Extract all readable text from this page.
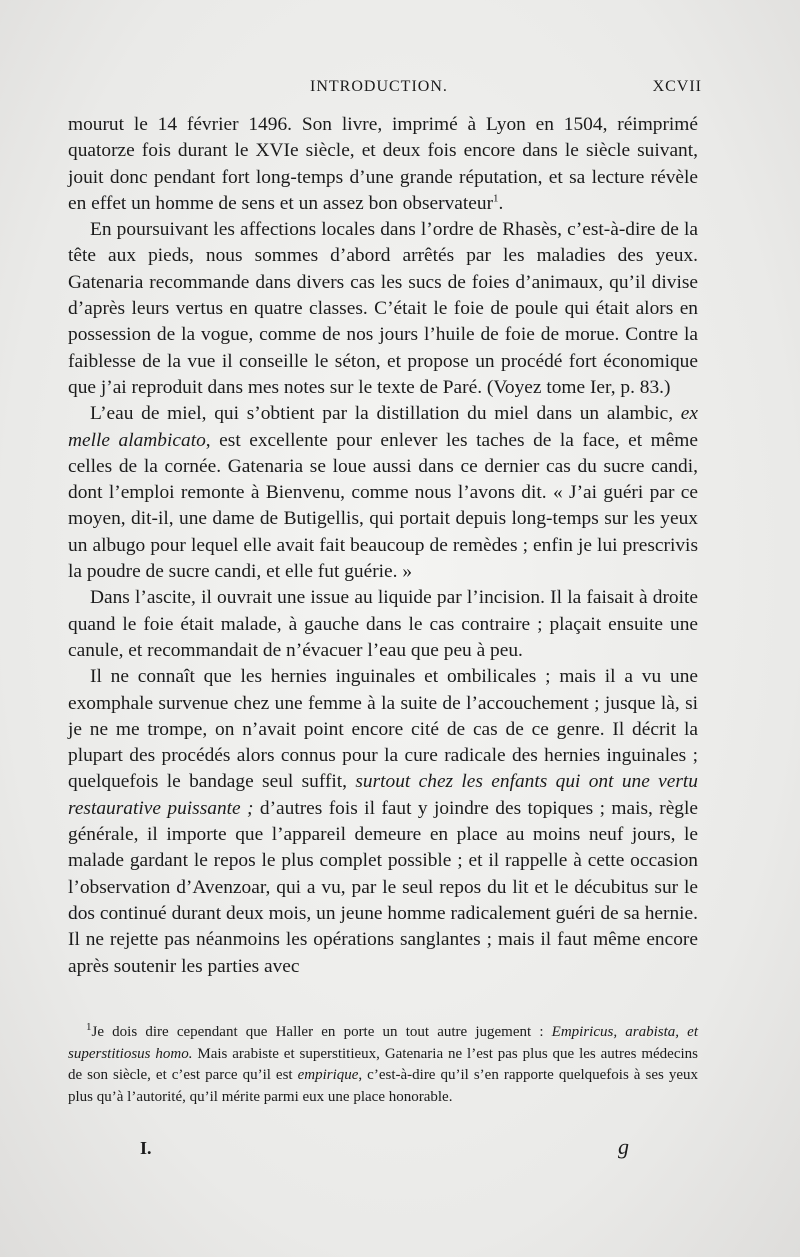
INTRODUCTION.	XCVII

mourut le 14 février 1496. Son livre, imprimé à Lyon en 1504, réimprimé quatorze fois durant le XVIe siècle, et deux fois encore dans le siècle suivant, jouit donc pendant fort long-temps d’une grande réputation, et sa lecture révèle en effet un homme de sens et un assez bon observateur$^1$.

En poursuivant les affections locales dans l’ordre de Rhasès, c’est-à-dire de la tête aux pieds, nous sommes d’abord arrêtés par les maladies des yeux. Gatenaria recommande dans divers cas les sucs de foies d’animaux, qu’il divise d’après leurs vertus en quatre classes. C’était le foie de poule qui était alors en possession de la vogue, comme de nos jours l’huile de foie de morue. Contre la faiblesse de la vue il conseille le séton, et propose un procédé fort économique que j’ai reproduit dans mes notes sur le texte de Paré. (Voyez tome Ier, p. 83.)

L’eau de miel, qui s’obtient par la distillation du miel dans un alambic, ex melle alambicato, est excellente pour enlever les taches de la face, et même celles de la cornée. Gatenaria se loue aussi dans ce dernier cas du sucre candi, dont l’emploi remonte à Bienvenu, comme nous l’avons dit. « J’ai guéri par ce moyen, dit-il, une dame de Butigellis, qui portait depuis long-temps sur les yeux un albugo pour lequel elle avait fait beaucoup de remèdes ; enfin je lui prescrivis la poudre de sucre candi, et elle fut guérie. »

Dans l’ascite, il ouvrait une issue au liquide par l’incision. Il la faisait à droite quand le foie était malade, à gauche dans le cas contraire ; plaçait ensuite une canule, et recommandait de n’évacuer l’eau que peu à peu.

Il ne connaît que les hernies inguinales et ombilicales ; mais il a vu une exomphale survenue chez une femme à la suite de l’accouchement ; jusque là, si je ne me trompe, on n’avait point encore cité de cas de ce genre. Il décrit la plupart des procédés alors connus pour la cure radicale des hernies inguinales ; quelquefois le bandage seul suffit, surtout chez les enfants qui ont une vertu restaurative puissante ; d’autres fois il faut y joindre des topiques ; mais, règle générale, il importe que l’appareil demeure en place au moins neuf jours, le malade gardant le repos le plus complet possible ; et il rappelle à cette occasion l’observation d’Avenzoar, qui a vu, par le seul repos du lit et le décubitus sur le dos continué durant deux mois, un jeune homme radicalement guéri de sa hernie. Il ne rejette pas néanmoins les opérations sanglantes ; mais il faut même encore après soutenir les parties avec

$^1$Je dois dire cependant que Haller en porte un tout autre jugement : Empiricus, arabista, et superstitiosus homo. Mais arabiste et superstitieux, Gatenaria ne l’est pas plus que les autres médecins de son siècle, et c’est parce qu’il est empirique, c’est-à-dire qu’il s’en rapporte quelquefois à ses yeux plus qu’à l’autorité, qu’il mérite parmi eux une place honorable.

I.	g
